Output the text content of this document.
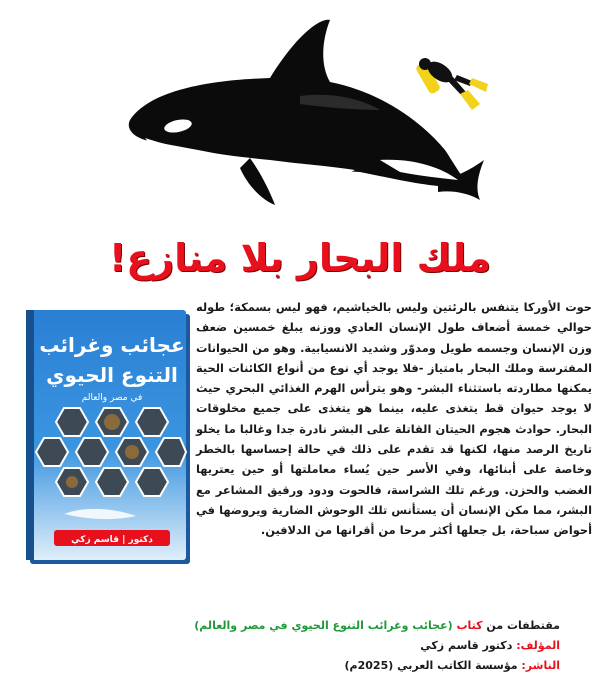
ملك البحار بلا منازع!
عجائب وغرائب
التنوع الحيوي
في مصر والعالم
دكتور | قاسم زكي
حوت الأوركا يتنفس بالرئتين وليس بالخياشيم، فهو ليس بسمكة؛ طوله حوالي خمسة أضعاف طول الإنسان العادي ووزنه يبلغ خمسين ضعف وزن الإنسان وجسمه طويل ومدوّر وشديد الانسيابية. وهو من الحيوانات المفترسة وملك البحار بامتياز -فلا يوجد أي نوع من أنواع الكائنات الحية يمكنها مطاردته باستثناء البشر- وهو يترأس الهرم الغذائي البحري حيث لا يوجد حيوان قط يتغذى عليه، بينما هو يتغذى على جميع مخلوقات البحار. حوادث هجوم الحيتان القاتلة على البشر نادرة جدا وغالبا ما يخلو تاريخ الرصد منها، لكنها قد تقدم على ذلك في حالة إحساسها بالخطر وخاصة على أبنائها، وفي الأسر حين يُساء معاملتها أو حين يعتريها الغضب والحزن. ورغم تلك الشراسة، فالحوت ودود ورقيق المشاعر مع البشر، مما مكن الإنسان أن يستأنس تلك الوحوش الضارية ويروضها في أحواض سباحة، بل جعلها أكثر مرحا من أقرانها من الدلافين.
مقتطفات من كتاب (عجائب وغرائب التنوع الحيوي في مصر والعالم)
المؤلف: دكتور قاسم زكي
الناشر: مؤسسة الكاتب العربي (2025م)
